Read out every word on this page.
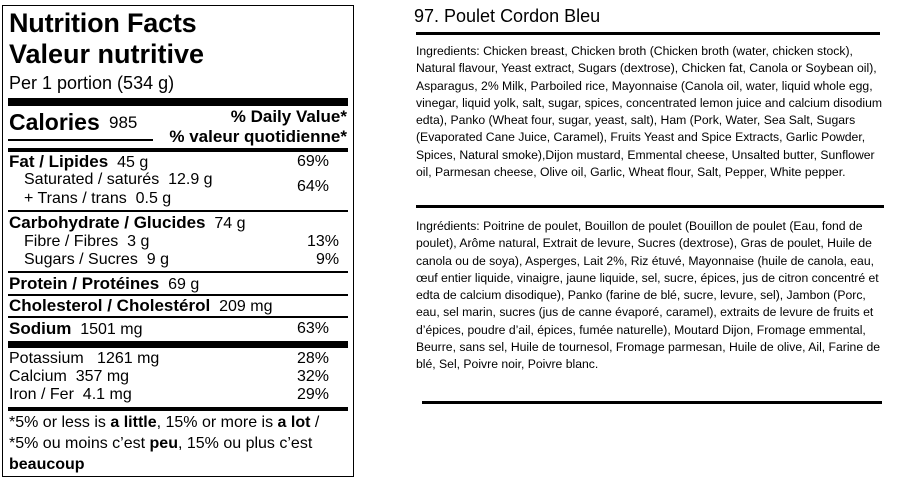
Nutrition Facts
Valeur nutritive
Per 1 portion (534 g)
Calories 985	% Daily Value*
% valeur quotidienne*
Fat / Lipides 45 g	69%
Saturated / saturés 12.9 g	64%
+ Trans / trans 0.5 g
Carbohydrate / Glucides 74 g
Fibre / Fibres 3 g	13%
Sugars / Sucres 9 g	9%
Protein / Protéines 69 g
Cholesterol / Cholestérol 209 mg
Sodium 1501 mg	63%
Potassium 1261 mg	28%
Calcium 357 mg	32%
Iron / Fer 4.1 mg	29%
*5% or less is a little, 15% or more is a lot / *5% ou moins c’est peu, 15% ou plus c’est beaucoup
97. Poulet Cordon Bleu
Ingredients: Chicken breast, Chicken broth (Chicken broth (water, chicken stock), Natural flavour, Yeast extract, Sugars (dextrose), Chicken fat, Canola or Soybean oil), Asparagus, 2% Milk, Parboiled rice, Mayonnaise (Canola oil, water, liquid whole egg, vinegar, liquid yolk, salt, sugar, spices, concentrated lemon juice and calcium disodium edta), Panko (Wheat four, sugar, yeast, salt), Ham (Pork, Water, Sea Salt, Sugars (Evaporated Cane Juice, Caramel), Fruits Yeast and Spice Extracts, Garlic Powder, Spices, Natural smoke),Dijon mustard, Emmental cheese, Unsalted butter, Sunflower oil, Parmesan cheese, Olive oil, Garlic, Wheat flour, Salt, Pepper, White pepper.
Ingrédients: Poitrine de poulet, Bouillon de poulet (Bouillon de poulet (Eau, fond de poulet), Arôme natural, Extrait de levure, Sucres (dextrose), Gras de poulet, Huile de canola ou de soya), Asperges, Lait 2%, Riz étuvé, Mayonnaise (huile de canola, eau, œuf entier liquide, vinaigre, jaune liquide, sel, sucre, épices, jus de citron concentré et edta de calcium disodique), Panko (farine de blé, sucre, levure, sel), Jambon (Porc, eau, sel marin, sucres (jus de canne évaporé, caramel), extraits de levure de fruits et d’épices, poudre d’ail, épices, fumée naturelle), Moutard Dijon, Fromage emmental, Beurre, sans sel, Huile de tournesol, Fromage parmesan, Huile de olive, Ail, Farine de blé, Sel, Poivre noir, Poivre blanc.
